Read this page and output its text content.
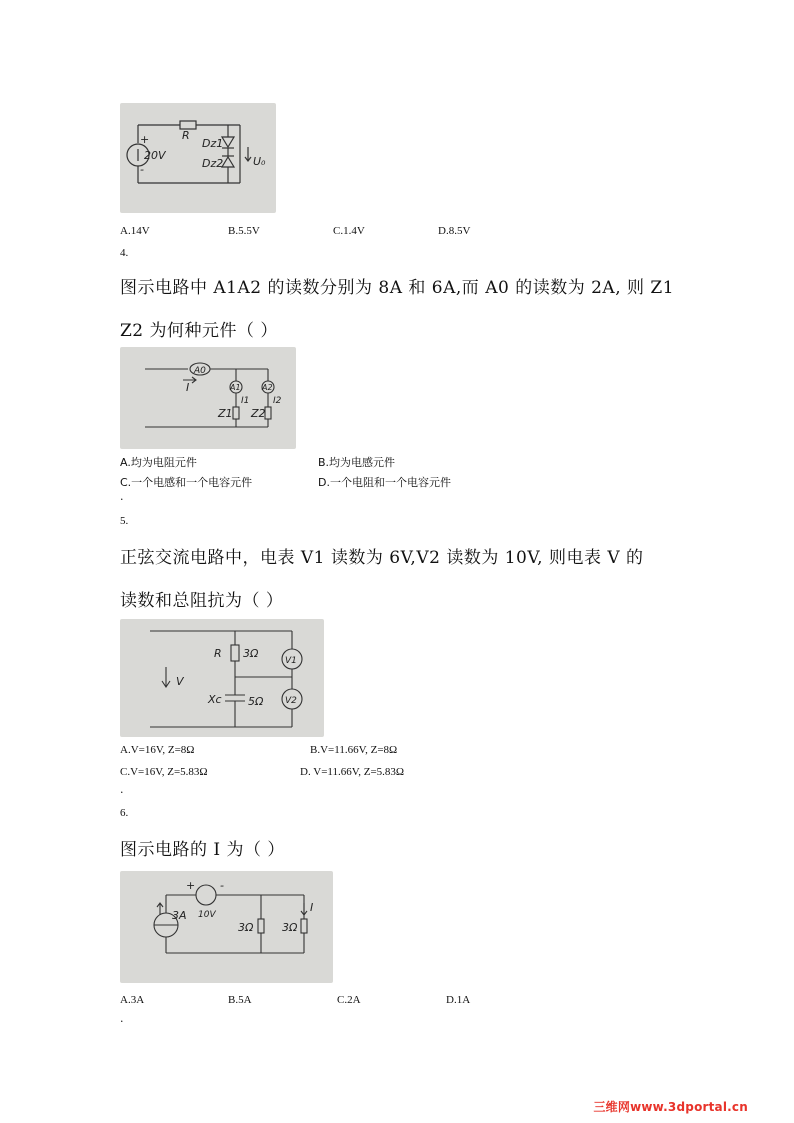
+
-
20V
R
Dz1
Dz2	U₀
A.14V	B.5.5V	C.1.4V	D.8.5V
4.
图示电路中 A1A2 的读数分别为 8A 和 6A,而 A0 的读数为 2A, 则 Z1
Z2 为何种元件（ ）
A0
A1	A2
I
I1	I2
Z1 Z2
A.均为电阻元件	B.均为电感元件
C.一个电感和一个电容元件	D.一个电阻和一个电容元件
.
5.
正弦交流电路中，电表 V1 读数为 6V,V2 读数为 10V, 则电表 V 的
读数和总阻抗为（ ）
R 3Ω
Xc 5Ω
V
V1
V2
A.V=16V, Z=8Ω	B.V=11.66V, Z=8Ω
C.V=16V, Z=5.83Ω	D. V=11.66V, Z=5.83Ω
.
6.
图示电路的 I 为（ ）
3A 10V
+ -
3Ω	3Ω
I
A.3A	B.5A	C.2A	D.1A
.
三维网www.3dportal.cn
